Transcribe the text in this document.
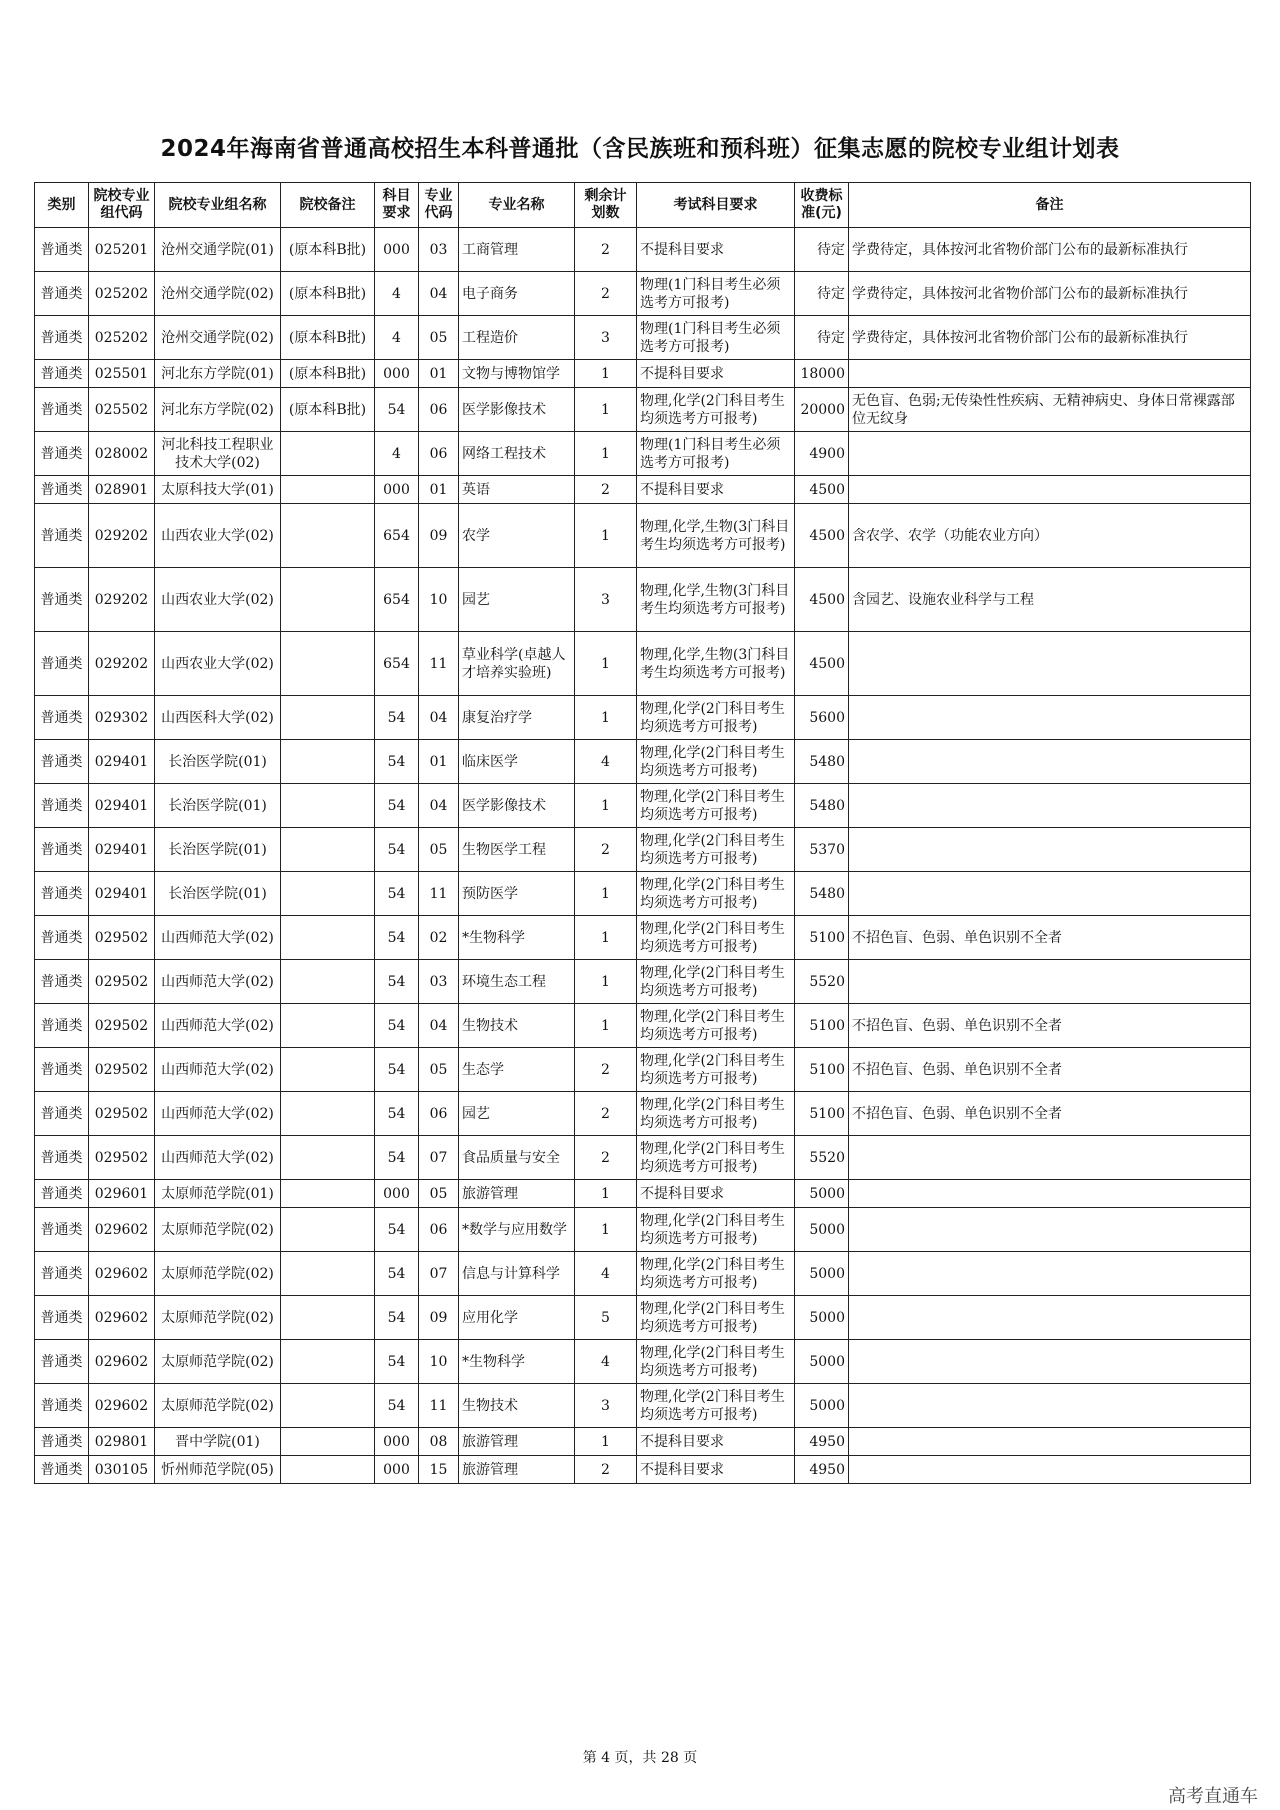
2024年海南省普通高校招生本科普通批（含民族班和预科班）征集志愿的院校专业组计划表
类别	院校专业组代码	院校专业组名称	院校备注	科目要求	专业代码	专业名称	剩余计划数	考试科目要求	收费标准(元)	备注
普通类	025201	沧州交通学院(01)	(原本科B批)	000	03	工商管理	2	不提科目要求	待定	学费待定，具体按河北省物价部门公布的最新标准执行
普通类	025202	沧州交通学院(02)	(原本科B批)	4	04	电子商务	2	物理(1门科目考生必须选考方可报考)	待定	学费待定，具体按河北省物价部门公布的最新标准执行
普通类	025202	沧州交通学院(02)	(原本科B批)	4	05	工程造价	3	物理(1门科目考生必须选考方可报考)	待定	学费待定，具体按河北省物价部门公布的最新标准执行
普通类	025501	河北东方学院(01)	(原本科B批)	000	01	文物与博物馆学	1	不提科目要求	18000	
普通类	025502	河北东方学院(02)	(原本科B批)	54	06	医学影像技术	1	物理,化学(2门科目考生均须选考方可报考)	20000	无色盲、色弱;无传染性性疾病、无精神病史、身体日常裸露部位无纹身
普通类	028002	河北科技工程职业技术大学(02)		4	06	网络工程技术	1	物理(1门科目考生必须选考方可报考)	4900	
普通类	028901	太原科技大学(01)		000	01	英语	2	不提科目要求	4500	
普通类	029202	山西农业大学(02)		654	09	农学	1	物理,化学,生物(3门科目考生均须选考方可报考)	4500	含农学、农学（功能农业方向）
普通类	029202	山西农业大学(02)		654	10	园艺	3	物理,化学,生物(3门科目考生均须选考方可报考)	4500	含园艺、设施农业科学与工程
普通类	029202	山西农业大学(02)		654	11	草业科学(卓越人才培养实验班)	1	物理,化学,生物(3门科目考生均须选考方可报考)	4500	
普通类	029302	山西医科大学(02)		54	04	康复治疗学	1	物理,化学(2门科目考生均须选考方可报考)	5600	
普通类	029401	长治医学院(01)		54	01	临床医学	4	物理,化学(2门科目考生均须选考方可报考)	5480	
普通类	029401	长治医学院(01)		54	04	医学影像技术	1	物理,化学(2门科目考生均须选考方可报考)	5480	
普通类	029401	长治医学院(01)		54	05	生物医学工程	2	物理,化学(2门科目考生均须选考方可报考)	5370	
普通类	029401	长治医学院(01)		54	11	预防医学	1	物理,化学(2门科目考生均须选考方可报考)	5480	
普通类	029502	山西师范大学(02)		54	02	*生物科学	1	物理,化学(2门科目考生均须选考方可报考)	5100	不招色盲、色弱、单色识别不全者
普通类	029502	山西师范大学(02)		54	03	环境生态工程	1	物理,化学(2门科目考生均须选考方可报考)	5520	
普通类	029502	山西师范大学(02)		54	04	生物技术	1	物理,化学(2门科目考生均须选考方可报考)	5100	不招色盲、色弱、单色识别不全者
普通类	029502	山西师范大学(02)		54	05	生态学	2	物理,化学(2门科目考生均须选考方可报考)	5100	不招色盲、色弱、单色识别不全者
普通类	029502	山西师范大学(02)		54	06	园艺	2	物理,化学(2门科目考生均须选考方可报考)	5100	不招色盲、色弱、单色识别不全者
普通类	029502	山西师范大学(02)		54	07	食品质量与安全	2	物理,化学(2门科目考生均须选考方可报考)	5520	
普通类	029601	太原师范学院(01)		000	05	旅游管理	1	不提科目要求	5000	
普通类	029602	太原师范学院(02)		54	06	*数学与应用数学	1	物理,化学(2门科目考生均须选考方可报考)	5000	
普通类	029602	太原师范学院(02)		54	07	信息与计算科学	4	物理,化学(2门科目考生均须选考方可报考)	5000	
普通类	029602	太原师范学院(02)		54	09	应用化学	5	物理,化学(2门科目考生均须选考方可报考)	5000	
普通类	029602	太原师范学院(02)		54	10	*生物科学	4	物理,化学(2门科目考生均须选考方可报考)	5000	
普通类	029602	太原师范学院(02)		54	11	生物技术	3	物理,化学(2门科目考生均须选考方可报考)	5000	
普通类	029801	晋中学院(01)		000	08	旅游管理	1	不提科目要求	4950	
普通类	030105	忻州师范学院(05)		000	15	旅游管理	2	不提科目要求	4950	
第 4 页，共 28 页
高考直通车
